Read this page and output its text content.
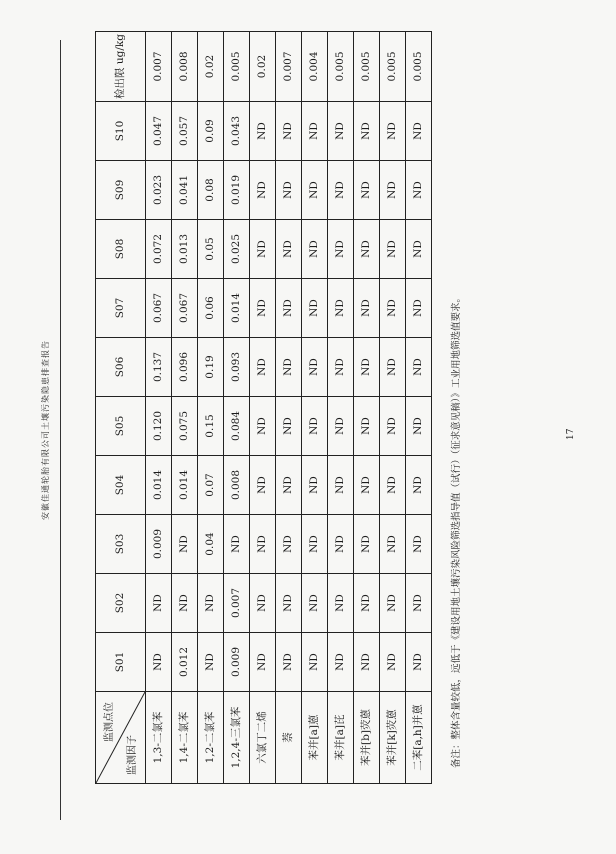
安徽佳通轮胎有限公司土壤污染隐患排查报告
监测点位
监测因子	S01	S02	S03	S04	S05	S06	S07	S08	S09	S10	检出限 ug/kg
1,3-二氯苯	ND	ND	0.009	0.014	0.120	0.137	0.067	0.072	0.023	0.047	0.007
1,4-二氯苯	0.012	ND	ND	0.014	0.075	0.096	0.067	0.013	0.041	0.057	0.008
1,2-二氯苯	ND	ND	0.04	0.07	0.15	0.19	0.06	0.05	0.08	0.09	0.02
1,2,4-三氯苯	0.009	0.007	ND	0.008	0.084	0.093	0.014	0.025	0.019	0.043	0.005
六氯丁二烯	ND	ND	ND	ND	ND	ND	ND	ND	ND	ND	0.02
萘	ND	ND	ND	ND	ND	ND	ND	ND	ND	ND	0.007
苯并[a]蒽	ND	ND	ND	ND	ND	ND	ND	ND	ND	ND	0.004
苯并[a]芘	ND	ND	ND	ND	ND	ND	ND	ND	ND	ND	0.005
苯并[b]荧蒽	ND	ND	ND	ND	ND	ND	ND	ND	ND	ND	0.005
苯并[k]荧蒽	ND	ND	ND	ND	ND	ND	ND	ND	ND	ND	0.005
二苯[a,h]并蒽	ND	ND	ND	ND	ND	ND	ND	ND	ND	ND	0.005
备注：整体含量较低，远低于《建设用地土壤污染风险筛选指导值（试行）（征求意见稿）》工业用地筛选值要求。	17
